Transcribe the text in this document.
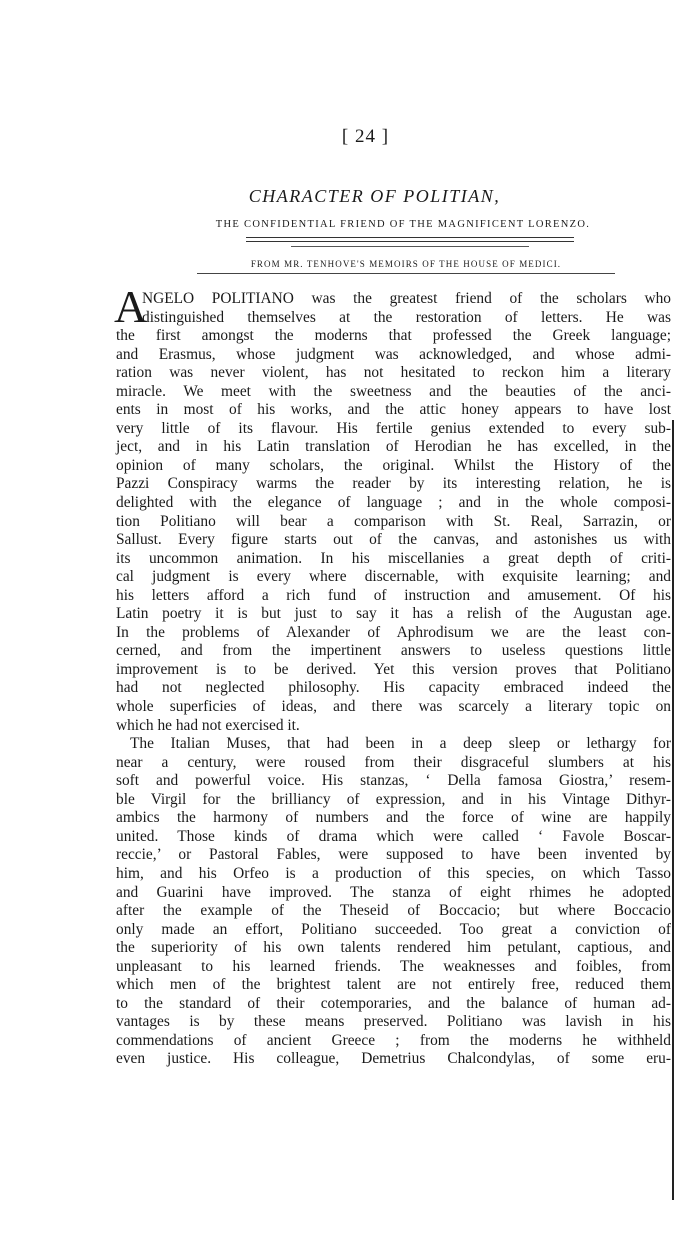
[ 24 ]
CHARACTER OF POLITIAN,
THE CONFIDENTIAL FRIEND OF THE MAGNIFICENT LORENZO.
FROM MR. TENHOVE'S MEMOIRS OF THE HOUSE OF MEDICI.
A
NGELO POLITIANO was the greatest friend of the scholars who
distinguished themselves at the restoration of letters. He was
the first amongst the moderns that professed the Greek language;
and Erasmus, whose judgment was acknowledged, and whose admi-
ration was never violent, has not hesitated to reckon him a literary
miracle. We meet with the sweetness and the beauties of the anci-
ents in most of his works, and the attic honey appears to have lost
very little of its flavour. His fertile genius extended to every sub-
ject, and in his Latin translation of Herodian he has excelled, in the
opinion of many scholars, the original. Whilst the History of the
Pazzi Conspiracy warms the reader by its interesting relation, he is
delighted with the elegance of language ; and in the whole composi-
tion Politiano will bear a comparison with St. Real, Sarrazin, or
Sallust. Every figure starts out of the canvas, and astonishes us with
its uncommon animation. In his miscellanies a great depth of criti-
cal judgment is every where discernable, with exquisite learning; and
his letters afford a rich fund of instruction and amusement. Of his
Latin poetry it is but just to say it has a relish of the Augustan age.
In the problems of Alexander of Aphrodisum we are the least con-
cerned, and from the impertinent answers to useless questions little
improvement is to be derived. Yet this version proves that Politiano
had not neglected philosophy. His capacity embraced indeed the
whole superficies of ideas, and there was scarcely a literary topic on
which he had not exercised it.
The Italian Muses, that had been in a deep sleep or lethargy for
near a century, were roused from their disgraceful slumbers at his
soft and powerful voice. His stanzas, ‘ Della famosa Giostra,’ resem-
ble Virgil for the brilliancy of expression, and in his Vintage Dithyr-
ambics the harmony of numbers and the force of wine are happily
united. Those kinds of drama which were called ‘ Favole Boscar-
reccie,’ or Pastoral Fables, were supposed to have been invented by
him, and his Orfeo is a production of this species, on which Tasso
and Guarini have improved. The stanza of eight rhimes he adopted
after the example of the Theseid of Boccacio; but where Boccacio
only made an effort, Politiano succeeded. Too great a conviction of
the superiority of his own talents rendered him petulant, captious, and
unpleasant to his learned friends. The weaknesses and foibles, from
which men of the brightest talent are not entirely free, reduced them
to the standard of their cotemporaries, and the balance of human ad-
vantages is by these means preserved. Politiano was lavish in his
commendations of ancient Greece ; from the moderns he withheld
even justice. His colleague, Demetrius Chalcondylas, of some eru-
